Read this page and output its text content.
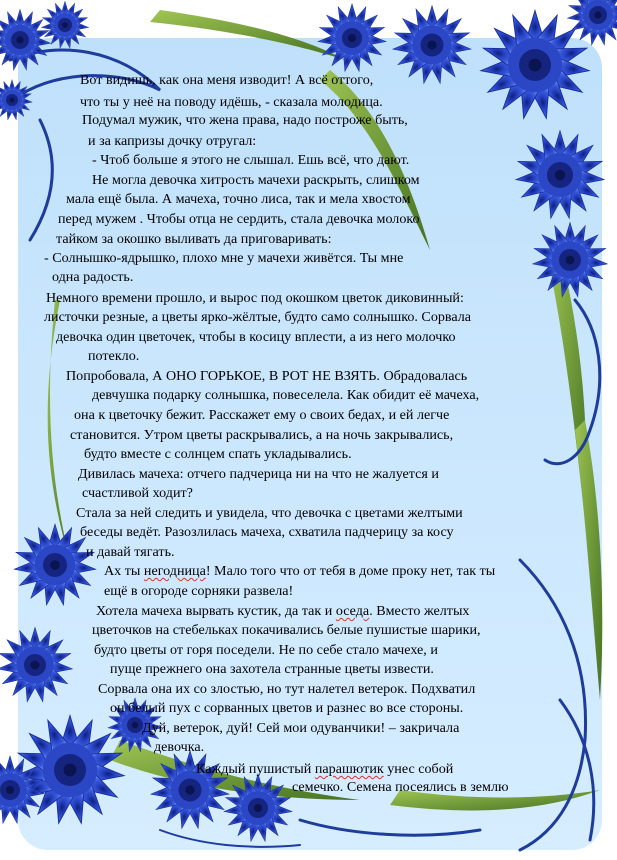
Вот видишь, как она меня изводит! А всё оттого,
что ты у неё на поводу идёшь, - сказала молодица.
Подумал мужик, что жена права, надо построже быть,
и за капризы дочку отругал:
- Чтоб больше я этого не слышал. Ешь всё, что дают.
Не могла девочка хитрость мачехи раскрыть, слишком
мала ещё была. А мачеха, точно лиса, так и мела хвостом
перед мужем . Чтобы отца не сердить, стала девочка молоко
тайком за окошко выливать да приговаривать:
- Солнышко-ядрышко, плохо мне у мачехи живётся. Ты мне
одна радость.
Немного времени прошло, и вырос под окошком цветок диковинный:
листочки резные, а цветы ярко-жёлтые, будто само солнышко. Сорвала
девочка один цветочек, чтобы в косицу вплести, а из него молочко
потекло.
Попробовала, А ОНО ГОРЬКОЕ, В РОТ НЕ ВЗЯТЬ. Обрадовалась
девчушка подарку солнышка, повеселела. Как обидит её мачеха,
она к цветочку бежит. Расскажет ему о своих бедах, и ей легче
становится. Утром цветы раскрывались, а на ночь закрывались,
будто вместе с солнцем спать укладывались.
Дивилась мачеха: отчего падчерица ни на что не жалуется и
счастливой ходит?
Стала за ней следить и увидела, что девочка с цветами желтыми
беседы ведёт. Разозлилась мачеха, схватила падчерицу за косу
и давай тягать.
Ах ты негодница! Мало того что от тебя в доме проку нет, так ты
ещё в огороде сорняки развела!
Хотела мачеха вырвать кустик, да так и оседа. Вместо желтых
цветочков на стебельках покачивались белые пушистые шарики,
будто цветы от горя поседели. Не по себе стало мачехе, и
пуще прежнего она захотела странные цветы извести.
Сорвала она их со злостью, но тут налетел ветерок. Подхватил
он белый пух с сорванных цветов и разнес во все стороны.
Дуй, ветерок, дуй! Сей мои одуванчики! – закричала
девочка.
Каждый пушистый парашютик унес собой
семечко. Семена посеялись в землю
